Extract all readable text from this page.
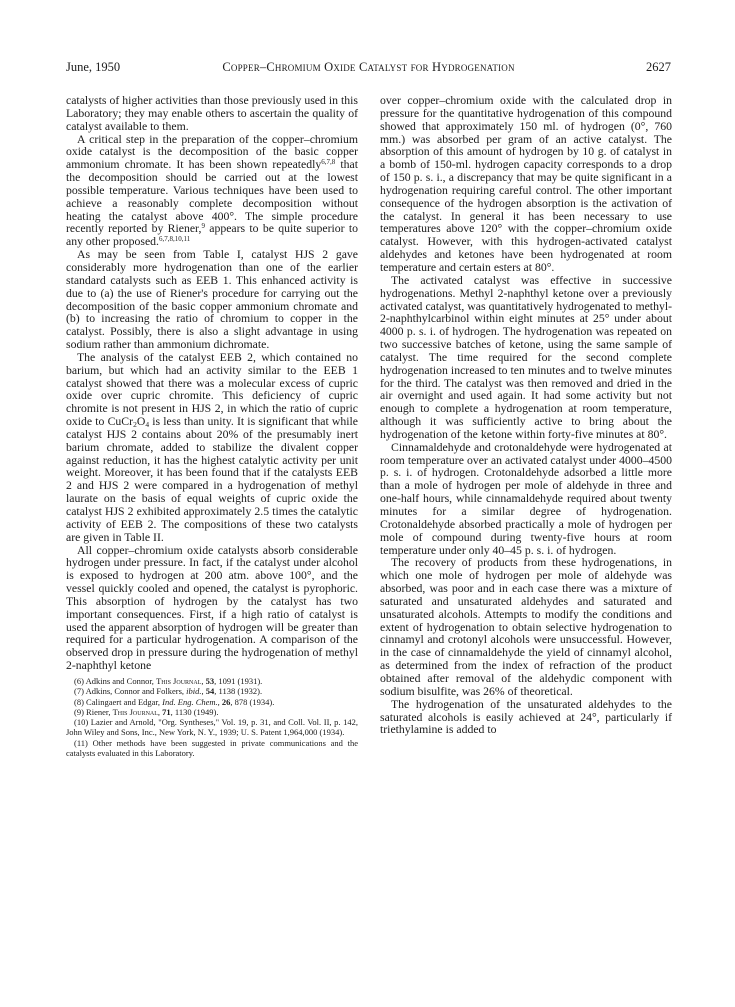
June, 1950	Copper–Chromium Oxide Catalyst for Hydrogenation	2627

catalysts of higher activities than those previously used in this Laboratory; they may enable others to ascertain the quality of catalyst available to them.

A critical step in the preparation of the copper–chromium oxide catalyst is the decomposition of the basic copper ammonium chromate. It has been shown repeatedly$^{6,7,8}$ that the decomposition should be carried out at the lowest possible temperature. Various techniques have been used to achieve a reasonably complete decomposition without heating the catalyst above 400°. The simple procedure recently reported by Riener,$^9$ appears to be quite superior to any other proposed.$^{6,7,8,10,11}$

As may be seen from Table I, catalyst HJS 2 gave considerably more hydrogenation than one of the earlier standard catalysts such as EEB 1. This enhanced activity is due to (a) the use of Riener's procedure for carrying out the decomposition of the basic copper ammonium chromate and (b) to increasing the ratio of chromium to copper in the catalyst. Possibly, there is also a slight advantage in using sodium rather than ammonium dichromate.

The analysis of the catalyst EEB 2, which contained no barium, but which had an activity similar to the EEB 1 catalyst showed that there was a molecular excess of cupric oxide over cupric chromite. This deficiency of cupric chromite is not present in HJS 2, in which the ratio of cupric oxide to $CuCr_2O_4$ is less than unity. It is significant that while catalyst HJS 2 contains about 20% of the presumably inert barium chromate, added to stabilize the divalent copper against reduction, it has the highest catalytic activity per unit weight. Moreover, it has been found that if the catalysts EEB 2 and HJS 2 were compared in a hydrogenation of methyl laurate on the basis of equal weights of cupric oxide the catalyst HJS 2 exhibited approximately 2.5 times the catalytic activity of EEB 2. The compositions of these two catalysts are given in Table II.

All copper–chromium oxide catalysts absorb considerable hydrogen under pressure. In fact, if the catalyst under alcohol is exposed to hydrogen at 200 atm. above 100°, and the vessel quickly cooled and opened, the catalyst is pyrophoric. This absorption of hydrogen by the catalyst has two important consequences. First, if a high ratio of catalyst is used the apparent absorption of hydrogen will be greater than required for a particular hydrogenation. A comparison of the observed drop in pressure during the hydrogenation of methyl 2-naphthyl ketone

(6) Adkins and Connor, This Journal, 53, 1091 (1931).
(7) Adkins, Connor and Folkers, ibid., 54, 1138 (1932).
(8) Calingaert and Edgar, Ind. Eng. Chem., 26, 878 (1934).
(9) Riener, This Journal, 71, 1130 (1949).
(10) Lazier and Arnold, "Org. Syntheses," Vol. 19, p. 31, and Coll. Vol. II, p. 142, John Wiley and Sons, Inc., New York, N. Y., 1939; U. S. Patent 1,964,000 (1934).
(11) Other methods have been suggested in private communications and the catalysts evaluated in this Laboratory.

over copper–chromium oxide with the calculated drop in pressure for the quantitative hydrogenation of this compound showed that approximately 150 ml. of hydrogen (0°, 760 mm.) was absorbed per gram of an active catalyst. The absorption of this amount of hydrogen by 10 g. of catalyst in a bomb of 150-ml. hydrogen capacity corresponds to a drop of 150 p. s. i., a discrepancy that may be quite significant in a hydrogenation requiring careful control. The other important consequence of the hydrogen absorption is the activation of the catalyst. In general it has been necessary to use temperatures above 120° with the copper–chromium oxide catalyst. However, with this hydrogen-activated catalyst aldehydes and ketones have been hydrogenated at room temperature and certain esters at 80°.

The activated catalyst was effective in successive hydrogenations. Methyl 2-naphthyl ketone over a previously activated catalyst, was quantitatively hydrogenated to methyl-2-naphthylcarbinol within eight minutes at 25° under about 4000 p. s. i. of hydrogen. The hydrogenation was repeated on two successive batches of ketone, using the same sample of catalyst. The time required for the second complete hydrogenation increased to ten minutes and to twelve minutes for the third. The catalyst was then removed and dried in the air overnight and used again. It had some activity but not enough to complete a hydrogenation at room temperature, although it was sufficiently active to bring about the hydrogenation of the ketone within forty-five minutes at 80°.

Cinnamaldehyde and crotonaldehyde were hydrogenated at room temperature over an activated catalyst under 4000–4500 p. s. i. of hydrogen. Crotonaldehyde adsorbed a little more than a mole of hydrogen per mole of aldehyde in three and one-half hours, while cinnamaldehyde required about twenty minutes for a similar degree of hydrogenation. Crotonaldehyde absorbed practically a mole of hydrogen per mole of compound during twenty-five hours at room temperature under only 40–45 p. s. i. of hydrogen.

The recovery of products from these hydrogenations, in which one mole of hydrogen per mole of aldehyde was absorbed, was poor and in each case there was a mixture of saturated and unsaturated aldehydes and saturated and unsaturated alcohols. Attempts to modify the conditions and extent of hydrogenation to obtain selective hydrogenation to cinnamyl and crotonyl alcohols were unsuccessful. However, in the case of cinnamaldehyde the yield of cinnamyl alcohol, as determined from the index of refraction of the product obtained after removal of the aldehydic component with sodium bisulfite, was 26% of theoretical.

The hydrogenation of the unsaturated aldehydes to the saturated alcohols is easily achieved at 24°, particularly if triethylamine is added to
